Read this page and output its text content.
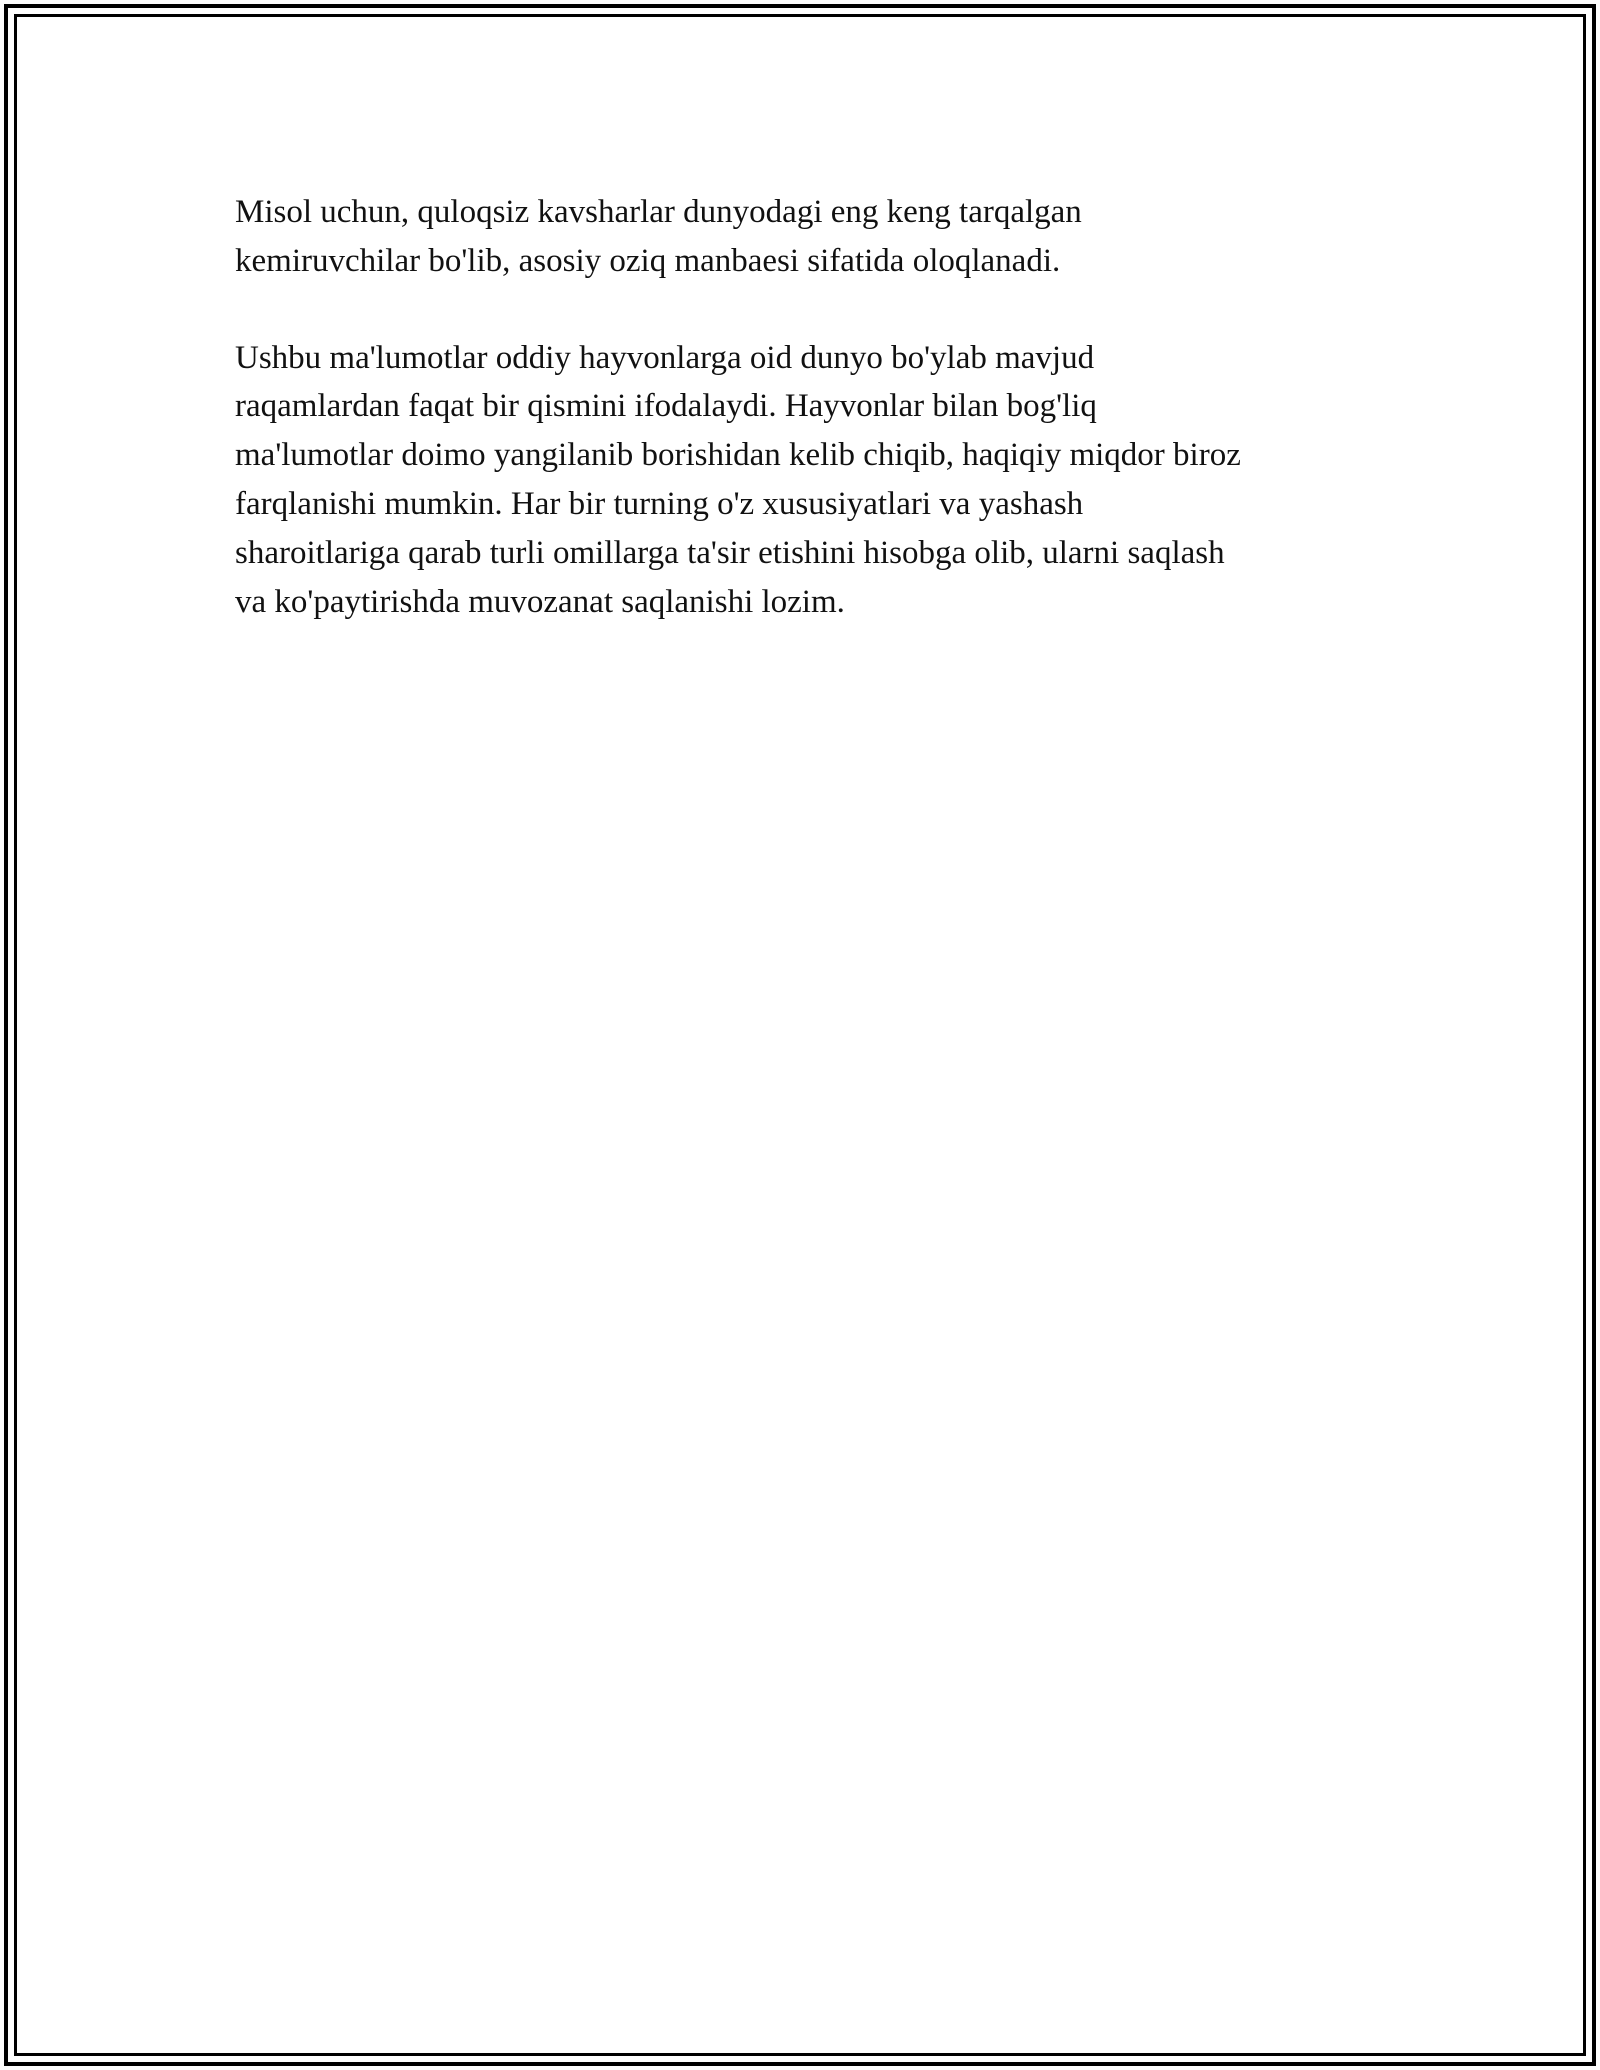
Misol uchun, quloqsiz kavsharlar dunyodagi eng keng tarqalgan
kemiruvchilar bo'lib, asosiy oziq manbaesi sifatida oloqlanadi.

Ushbu ma'lumotlar oddiy hayvonlarga oid dunyo bo'ylab mavjud
raqamlardan faqat bir qismini ifodalaydi. Hayvonlar bilan bog'liq
ma'lumotlar doimo yangilanib borishidan kelib chiqib, haqiqiy miqdor biroz
farqlanishi mumkin. Har bir turning o'z xususiyatlari va yashash
sharoitlariga qarab turli omillarga ta'sir etishini hisobga olib, ularni saqlash
va ko'paytirishda muvozanat saqlanishi lozim.
